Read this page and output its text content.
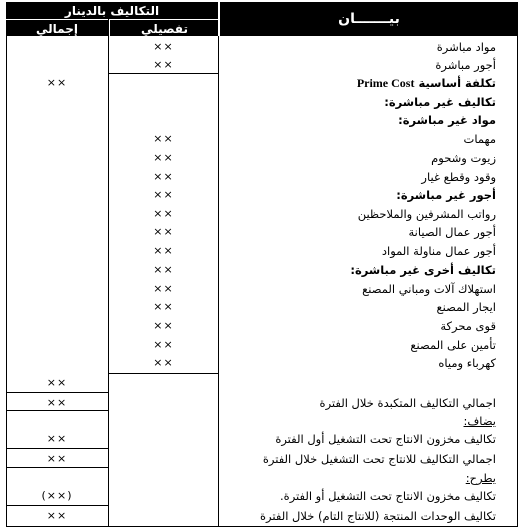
بيـــــــان
التكاليف بالدينار
تفصيلي
إجمالي
مواد مباشرة
××
أجور مباشرة
××
تكلفة أساسية Prime Cost
××
تكاليف غير مباشرة:
مواد غير مباشرة:
مهمات
××
زيوت وشحوم
××
وقود وقطع غيار
××
أجور غير مباشرة:
××
رواتب المشرفين والملاحظين
××
أجور عمال الصيانة
××
أجور عمال مناولة المواد
××
تكاليف أخرى غير مباشرة:
××
استهلاك آلات ومباني المصنع
××
ايجار المصنع
××
قوى محركة
××
تأمين على المصنع
××
كهرباء ومياه
××
××
اجمالي التكاليف المتكبدة خلال الفترة
××
يضاف:
تكاليف مخزون الانتاج تحت التشغيل أول الفترة
××
اجمالي التكاليف للانتاج تحت التشغيل خلال الفترة
××
يطرح:
تكاليف مخزون الانتاج تحت التشغيل أو الفترة.
(××)
تكاليف الوحدات المنتجة (للانتاج التام) خلال الفترة
××
